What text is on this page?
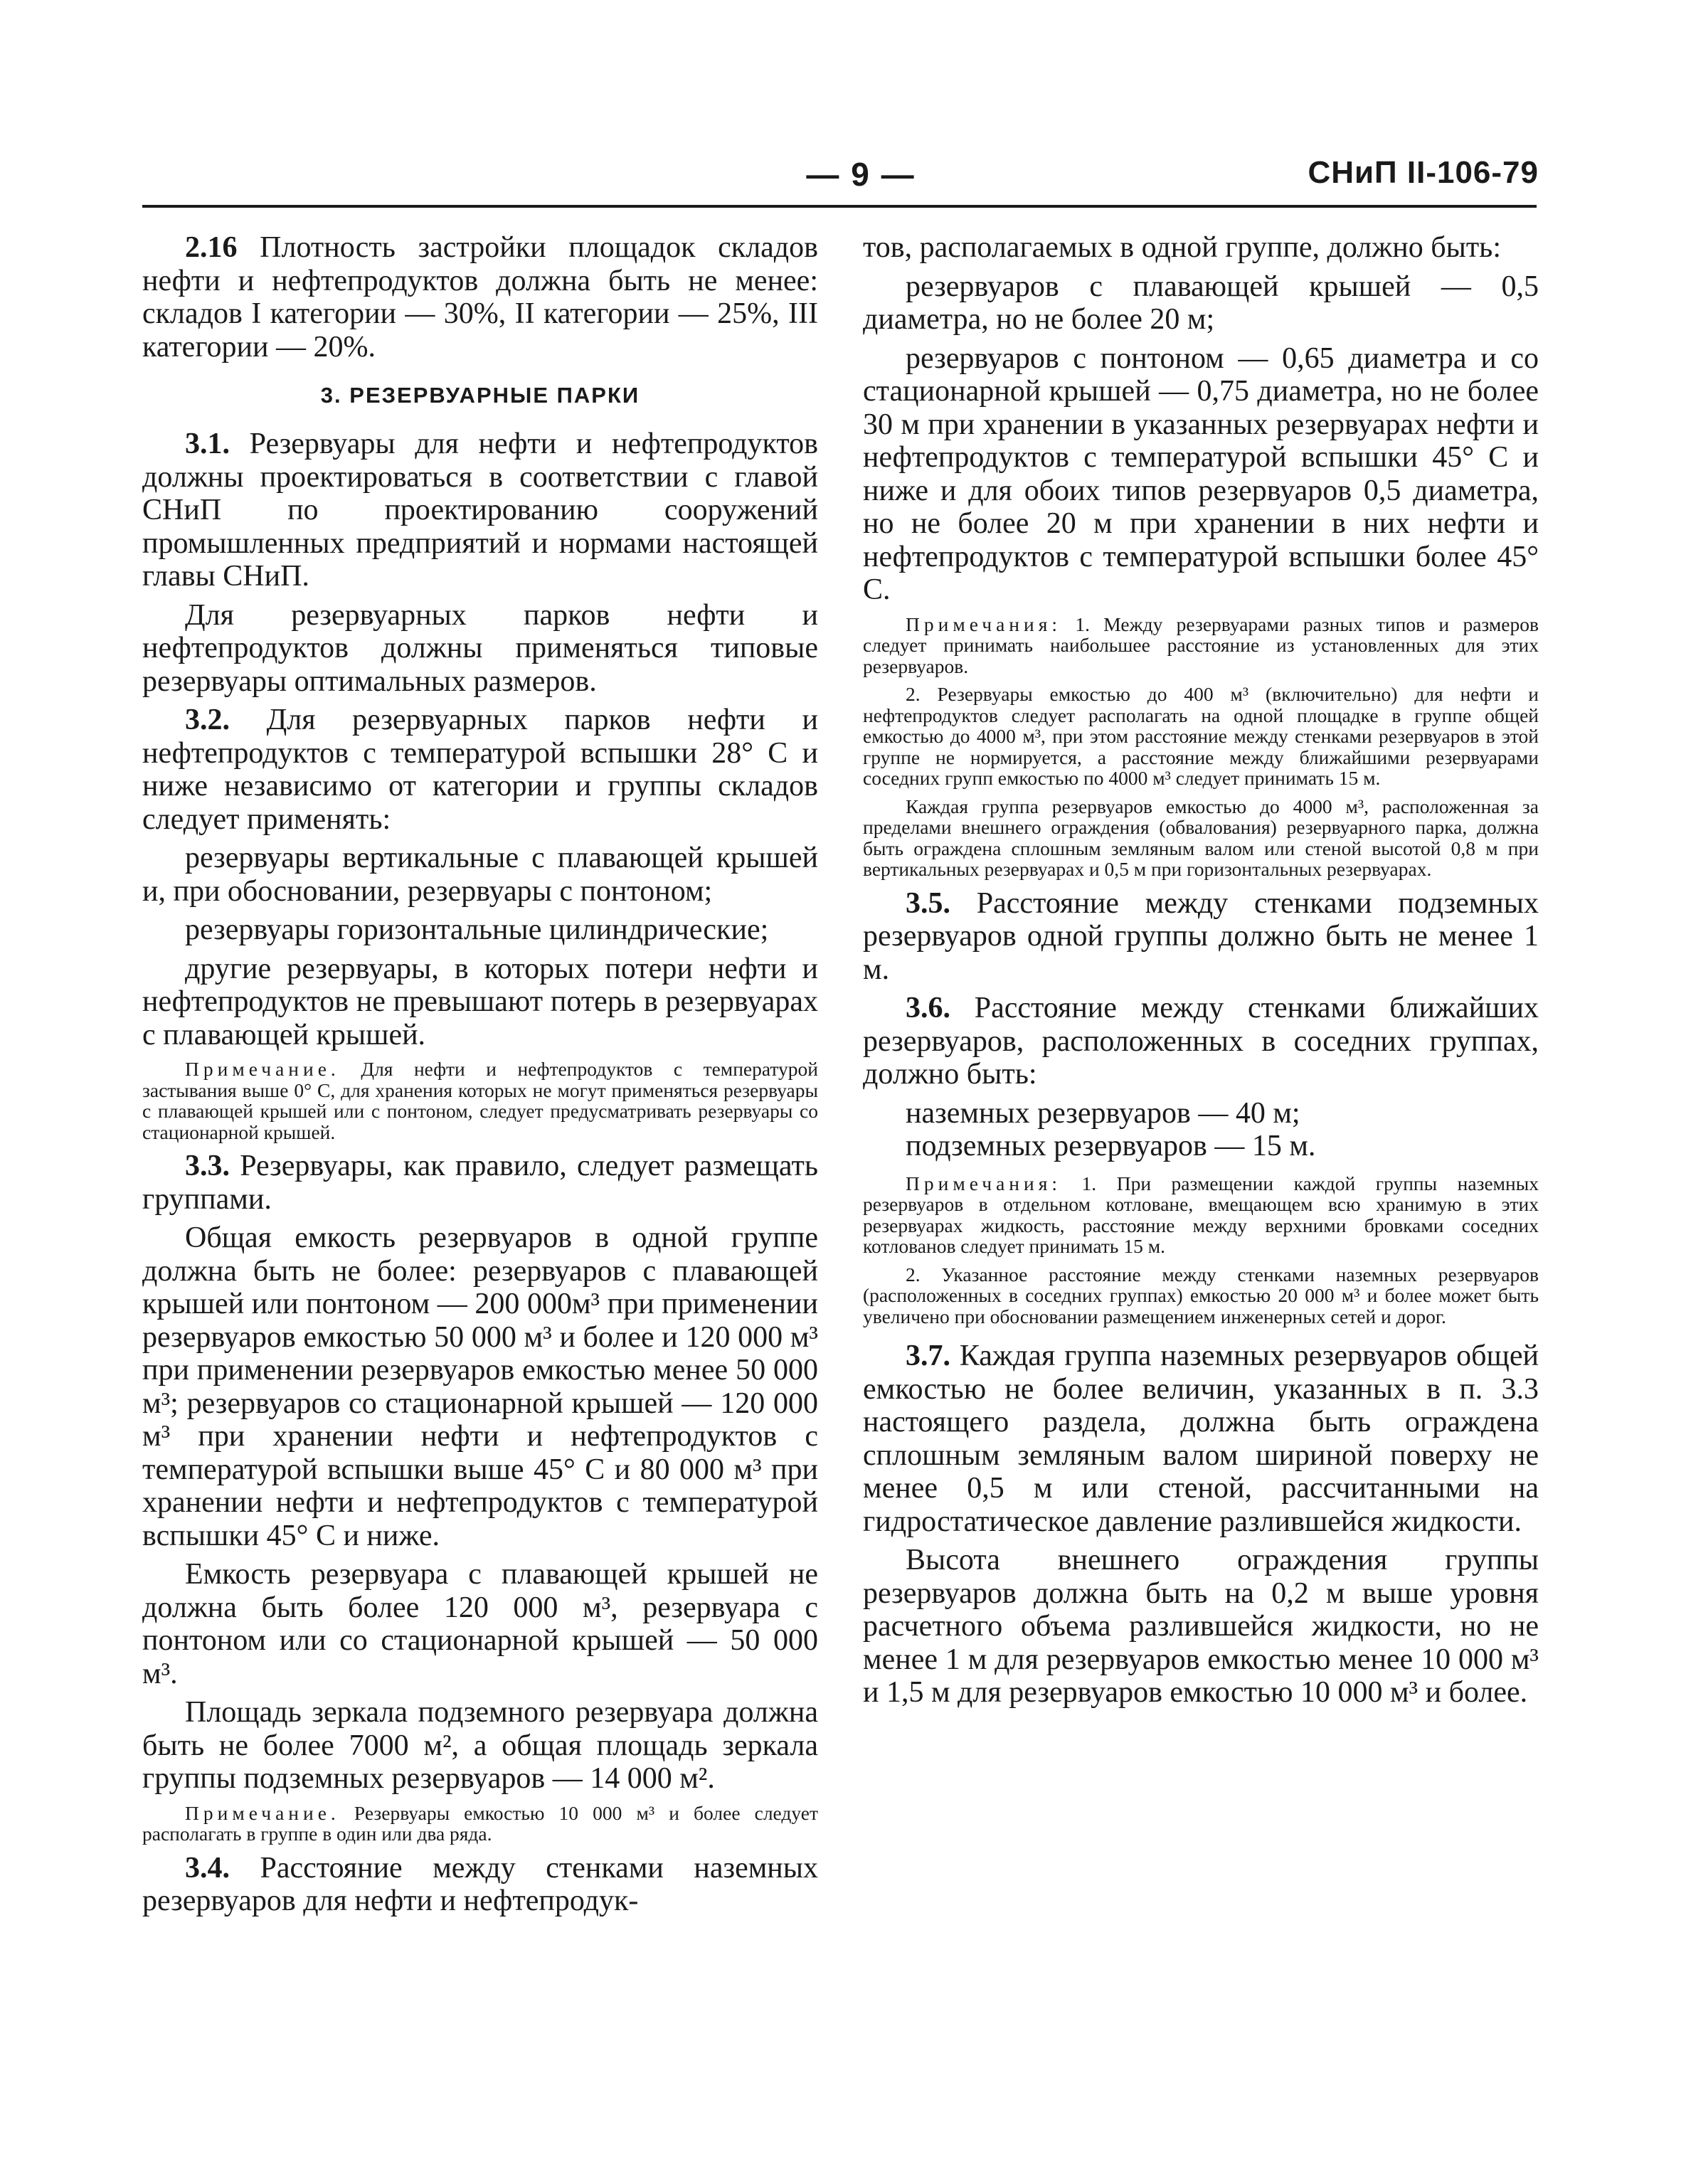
— 9 —	СНиП II-106-79

2.16 Плотность застройки площадок складов нефти и нефтепродуктов должна быть не менее: складов I категории — 30%, II категории — 25%, III категории — 20%.

3. РЕЗЕРВУАРНЫЕ ПАРКИ

3.1. Резервуары для нефти и нефтепродуктов должны проектироваться в соответствии с главой СНиП по проектированию сооружений промышленных предприятий и нормами настоящей главы СНиП.

Для резервуарных парков нефти и нефтепродуктов должны применяться типовые резервуары оптимальных размеров.

3.2. Для резервуарных парков нефти и нефтепродуктов с температурой вспышки 28° С и ниже независимо от категории и группы складов следует применять:

резервуары вертикальные с плавающей крышей и, при обосновании, резервуары с понтоном;

резервуары горизонтальные цилиндрические;

другие резервуары, в которых потери нефти и нефтепродуктов не превышают потерь в резервуарах с плавающей крышей.

Примечание. Для нефти и нефтепродуктов с температурой застывания выше 0° С, для хранения которых не могут применяться резервуары с плавающей крышей или с понтоном, следует предусматривать резервуары со стационарной крышей.

3.3. Резервуары, как правило, следует размещать группами.

Общая емкость резервуаров в одной группе должна быть не более: резервуаров с плавающей крышей или понтоном — 200 000м³ при применении резервуаров емкостью 50 000 м³ и более и 120 000 м³ при применении резервуаров емкостью менее 50 000 м³; резервуаров со стационарной крышей — 120 000 м³ при хранении нефти и нефтепродуктов с температурой вспышки выше 45° С и 80 000 м³ при хранении нефти и нефтепродуктов с температурой вспышки 45° С и ниже.

Емкость резервуара с плавающей крышей не должна быть более 120 000 м³, резервуара с понтоном или со стационарной крышей — 50 000 м³.

Площадь зеркала подземного резервуара должна быть не более 7000 м², а общая площадь зеркала группы подземных резервуаров — 14 000 м².

Примечание. Резервуары емкостью 10 000 м³ и более следует располагать в группе в один или два ряда.

3.4. Расстояние между стенками наземных резервуаров для нефти и нефтепродук-

тов, располагаемых в одной группе, должно быть:

резервуаров с плавающей крышей — 0,5 диаметра, но не более 20 м;

резервуаров с понтоном — 0,65 диаметра и со стационарной крышей — 0,75 диаметра, но не более 30 м при хранении в указанных резервуарах нефти и нефтепродуктов с температурой вспышки 45° С и ниже и для обоих типов резервуаров 0,5 диаметра, но не более 20 м при хранении в них нефти и нефтепродуктов с температурой вспышки более 45° С.

Примечания: 1. Между резервуарами разных типов и размеров следует принимать наибольшее расстояние из установленных для этих резервуаров.

2. Резервуары емкостью до 400 м³ (включительно) для нефти и нефтепродуктов следует располагать на одной площадке в группе общей емкостью до 4000 м³, при этом расстояние между стенками резервуаров в этой группе не нормируется, а расстояние между ближайшими резервуарами соседних групп емкостью по 4000 м³ следует принимать 15 м.

Каждая группа резервуаров емкостью до 4000 м³, расположенная за пределами внешнего ограждения (обвалования) резервуарного парка, должна быть ограждена сплошным земляным валом или стеной высотой 0,8 м при вертикальных резервуарах и 0,5 м при горизонтальных резервуарах.

3.5. Расстояние между стенками подземных резервуаров одной группы должно быть не менее 1 м.

3.6. Расстояние между стенками ближайших резервуаров, расположенных в соседних группах, должно быть:

наземных резервуаров — 40 м;

подземных резервуаров — 15 м.

Примечания: 1. При размещении каждой группы наземных резервуаров в отдельном котловане, вмещающем всю хранимую в этих резервуарах жидкость, расстояние между верхними бровками соседних котлованов следует принимать 15 м.

2. Указанное расстояние между стенками наземных резервуаров (расположенных в соседних группах) емкостью 20 000 м³ и более может быть увеличено при обосновании размещением инженерных сетей и дорог.

3.7. Каждая группа наземных резервуаров общей емкостью не более величин, указанных в п. 3.3 настоящего раздела, должна быть ограждена сплошным земляным валом шириной поверху не менее 0,5 м или стеной, рассчитанными на гидростатическое давление разлившейся жидкости.

Высота внешнего ограждения группы резервуаров должна быть на 0,2 м выше уровня расчетного объема разлившейся жидкости, но не менее 1 м для резервуаров емкостью менее 10 000 м³ и 1,5 м для резервуаров емкостью 10 000 м³ и более.
